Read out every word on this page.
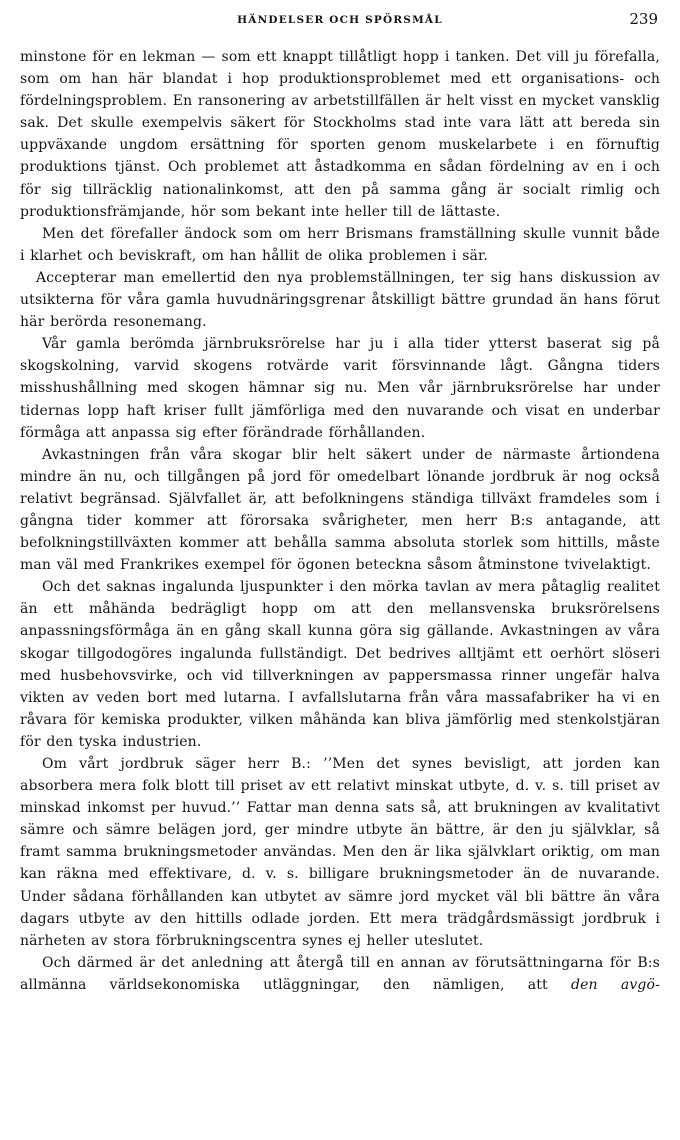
HÄNDELSER OCH SPÖRSMÅL	239

minstone för en lekman — som ett knappt tillåtligt hopp i tanken. Det vill ju förefalla, som om han här blandat i hop produktionsproblemet med ett organisations- och fördelningsproblem. En ransonering av arbetstillfällen är helt visst en mycket vansklig sak. Det skulle exempelvis säkert för Stockholms stad inte vara lätt att bereda sin uppväxande ungdom ersättning för sporten genom muskelarbete i en förnuftig produktions tjänst. Och problemet att åstadkomma en sådan fördelning av en i och för sig tillräcklig nationalinkomst, att den på samma gång är socialt rimlig och produktionsfrämjande, hör som bekant inte heller till de lättaste.

Men det förefaller ändock som om herr Brismans framställning skulle vunnit både i klarhet och beviskraft, om han hållit de olika problemen i sär.

Accepterar man emellertid den nya problemställningen, ter sig hans diskussion av utsikterna för våra gamla huvudnäringsgrenar åtskilligt bättre grundad än hans förut här berörda resonemang.

Vår gamla berömda järnbruksrörelse har ju i alla tider ytterst baserat sig på skogskolning, varvid skogens rotvärde varit försvinnande lågt. Gångna tiders misshushållning med skogen hämnar sig nu. Men vår järnbruksrörelse har under tidernas lopp haft kriser fullt jämförliga med den nuvarande och visat en underbar förmåga att anpassa sig efter förändrade förhållanden.

Avkastningen från våra skogar blir helt säkert under de närmaste årtiondena mindre än nu, och tillgången på jord för omedelbart lönande jordbruk är nog också relativt begränsad. Självfallet är, att befolkningens ständiga tillväxt framdeles som i gångna tider kommer att förorsaka svårigheter, men herr B:s antagande, att befolkningstillväxten kommer att behålla samma absoluta storlek som hittills, måste man väl med Frankrikes exempel för ögonen beteckna såsom åtminstone tvivelaktigt.

Och det saknas ingalunda ljuspunkter i den mörka tavlan av mera påtaglig realitet än ett måhända bedrägligt hopp om att den mellansvenska bruksrörelsens anpassningsförmåga än en gång skall kunna göra sig gällande. Avkastningen av våra skogar tillgodogöres ingalunda fullständigt. Det bedrives alltjämt ett oerhört slöseri med husbehovsvirke, och vid tillverkningen av pappersmassa rinner ungefär halva vikten av veden bort med lutarna. I avfallslutarna från våra massafabriker ha vi en råvara för kemiska produkter, vilken måhända kan bliva jämförlig med stenkolstjäran för den tyska industrien.

Om vårt jordbruk säger herr B.: ’’Men det synes bevisligt, att jorden kan absorbera mera folk blott till priset av ett relativt minskat utbyte, d. v. s. till priset av minskad inkomst per huvud.’’ Fattar man denna sats så, att brukningen av kvalitativt sämre och sämre belägen jord, ger mindre utbyte än bättre, är den ju självklar, så framt samma brukningsmetoder användas. Men den är lika självklart oriktig, om man kan räkna med effektivare, d. v. s. billigare brukningsmetoder än de nuvarande. Under sådana förhållanden kan utbytet av sämre jord mycket väl bli bättre än våra dagars utbyte av den hittills odlade jorden. Ett mera trädgårdsmässigt jordbruk i närheten av stora förbrukningscentra synes ej heller uteslutet.

Och därmed är det anledning att återgå till en annan av förutsättningarna för B:s allmänna världsekonomiska utläggningar, den nämligen, att den avgö-
